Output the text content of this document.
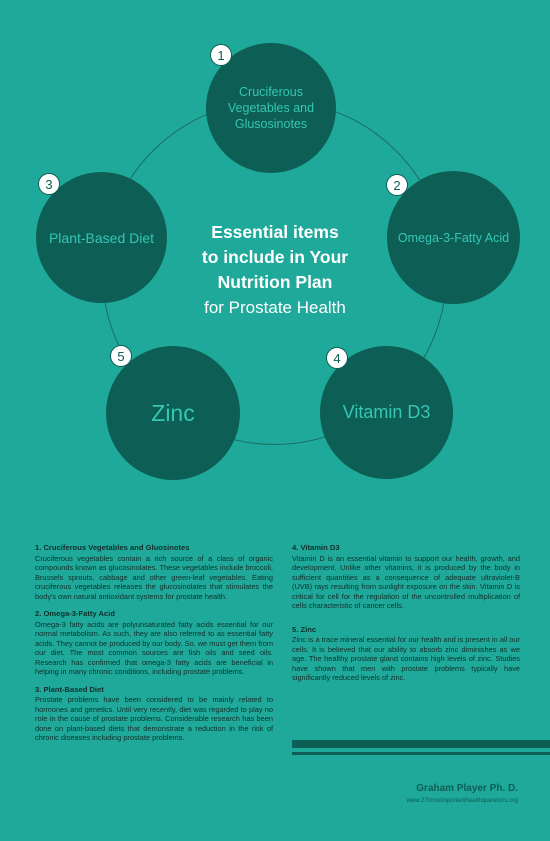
Cruciferous
Vegetables and
Glusosinotes
Omega-3-Fatty Acid
Plant-Based Diet
Vitamin D3
Zinc
1
2
3
4
5
Essential items
to include in Your
Nutrition Plan
for Prostate Health
1. Cruciferous Vegetables and Gluosinotes

Cruciferous vegetables contain a rich source of a class of organic compounds known as glucosinolates. These vegetables include broccoli, Brussels sprouts, cabbage and other green-leaf vegetables. Eating cruciferous vegetables releases the glucosinolates that stimulates the body's own natural antioxidant systems for prostate health.

2. Omega-3-Fatty Acid

Omega-3 fatty acids are polyunsaturated fatty acids essential for our normal metabolism. As such, they are also referred to as essential fatty acids. They cannot be produced by our body. So, we must get them from our diet. The most common sources are fish oils and seed oils. Research has confirmed that omega-3 fatty acids are beneficial in helping in many chronic conditions, including prostate problems.

3. Plant-Based Diet

Prostate problems have been considered to be mainly related to hormones and genetics. Until very recently, diet was regarded to play no role in the cause of prostate problems. Considerable research has been done on plant-based diets that demonstrate a reduction in the risk of chronic diseases including prostate problems.

4. Vitamin D3

Vitamin D is an essential vitamin to support our health, growth, and development. Unlike other vitamins, it is produced by the body in sufficient quantities as a consequence of adequate ultraviolet-B (UVB) rays resulting from sunlight exposure on the skin. Vitamin D is critical for cell for the regulation of the uncontrolled multiplication of cells characteristic of cancer cells.

5. Zinc

Zinc is a trace mineral essential for our health and is present in all our cells. It is believed that our ability to absorb zinc diminishes as we age. The healthy prostate gland contains high levels of zinc. Studies have shown that men with prostate problems typically have significantly reduced levels of zinc.

Graham Player Ph. D.
www.27mostimportanthealthquestions.org
